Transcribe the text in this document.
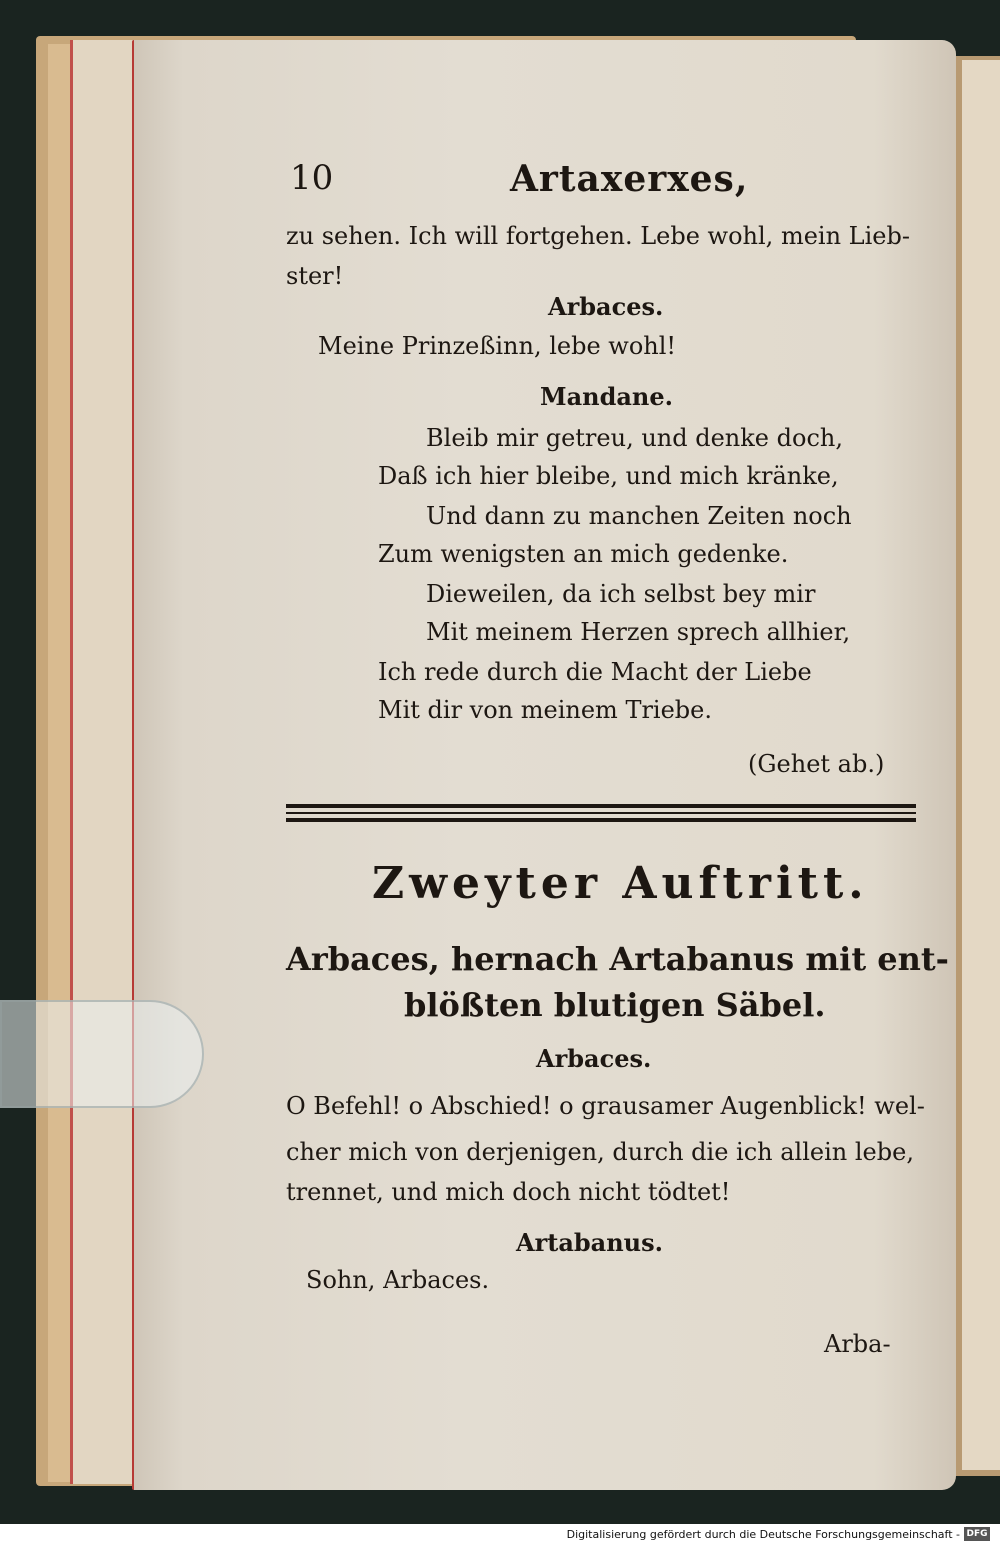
10	Artaxerxes,
zu sehen. Ich will fortgehen. Lebe wohl, mein Lieb-
ster!
Arbaces.
Meine Prinzeßinn, lebe wohl!
Mandane.
Bleib mir getreu, und denke doch,
Daß ich hier bleibe, und mich kränke,
Und dann zu manchen Zeiten noch
Zum wenigsten an mich gedenke.
Dieweilen, da ich selbst bey mir
Mit meinem Herzen sprech allhier,
Ich rede durch die Macht der Liebe
Mit dir von meinem Triebe.
(Gehet ab.)
Zweyter Auftritt.
Arbaces, hernach Artabanus mit ent-
blößten blutigen Säbel.
Arbaces.
O Befehl! o Abschied! o grausamer Augenblick! wel-
cher mich von derjenigen, durch die ich allein lebe,
trennet, und mich doch nicht tödtet!
Artabanus.
Sohn, Arbaces.
Arba-
Digitalisierung gefördert durch die Deutsche Forschungsgemeinschaft - DFG
